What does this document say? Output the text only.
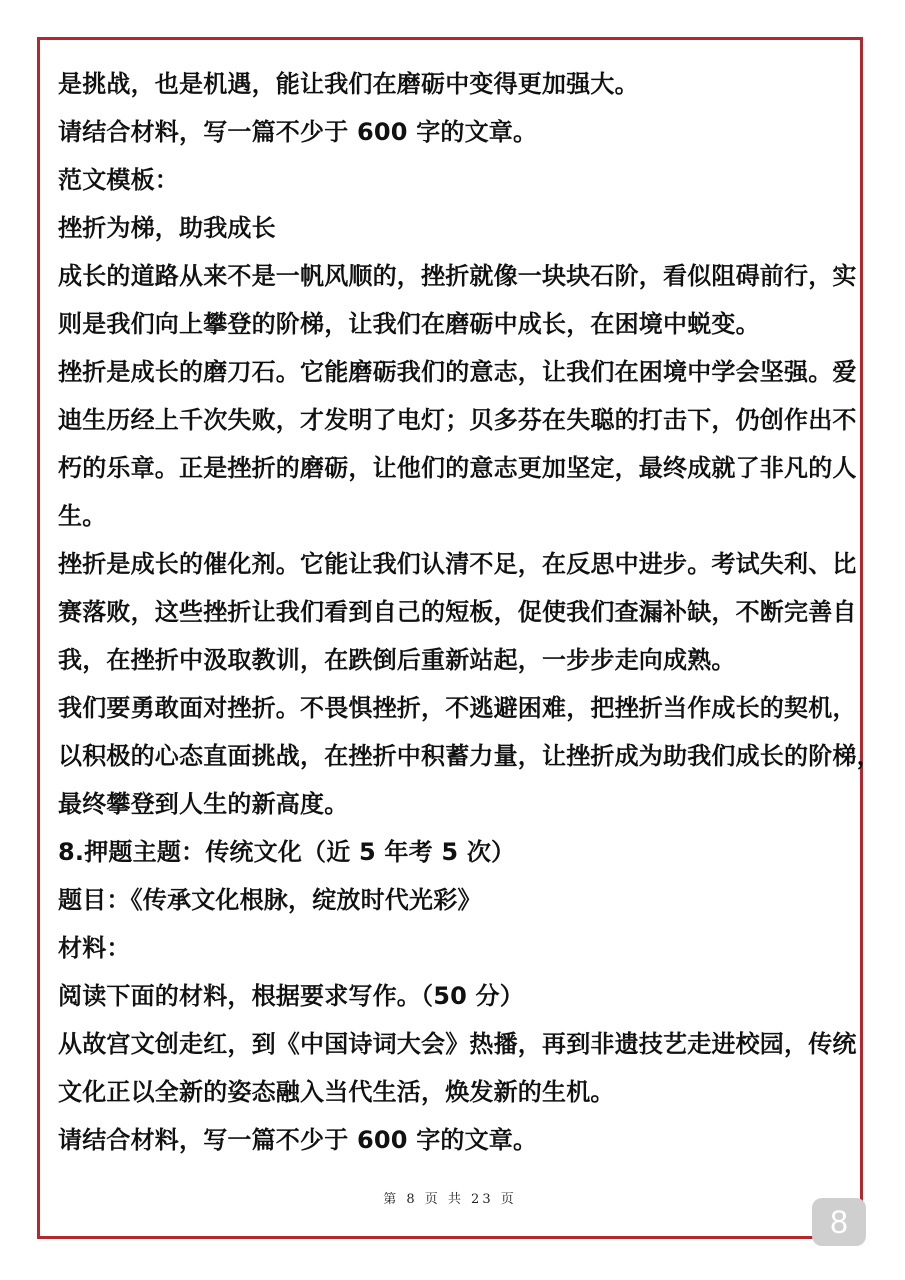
是挑战，也是机遇，能让我们在磨砺中变得更加强大。
请结合材料，写一篇不少于 600 字的文章。
范文模板：
挫折为梯，助我成长
成长的道路从来不是一帆风顺的，挫折就像一块块石阶，看似阻碍前行，实
则是我们向上攀登的阶梯，让我们在磨砺中成长，在困境中蜕变。
挫折是成长的磨刀石。它能磨砺我们的意志，让我们在困境中学会坚强。爱
迪生历经上千次失败，才发明了电灯；贝多芬在失聪的打击下，仍创作出不
朽的乐章。正是挫折的磨砺，让他们的意志更加坚定，最终成就了非凡的人
生。
挫折是成长的催化剂。它能让我们认清不足，在反思中进步。考试失利、比
赛落败，这些挫折让我们看到自己的短板，促使我们查漏补缺，不断完善自
我，在挫折中汲取教训，在跌倒后重新站起，一步步走向成熟。
我们要勇敢面对挫折。不畏惧挫折，不逃避困难，把挫折当作成长的契机，
以积极的心态直面挑战，在挫折中积蓄力量，让挫折成为助我们成长的阶梯，
最终攀登到人生的新高度。
8.押题主题：传统文化（近 5 年考 5 次）
题目：《传承文化根脉，绽放时代光彩》
材料：
阅读下面的材料，根据要求写作。（50 分）
从故宫文创走红，到《中国诗词大会》热播，再到非遗技艺走进校园，传统
文化正以全新的姿态融入当代生活，焕发新的生机。
请结合材料，写一篇不少于 600 字的文章。
第 8 页 共 23 页
8
